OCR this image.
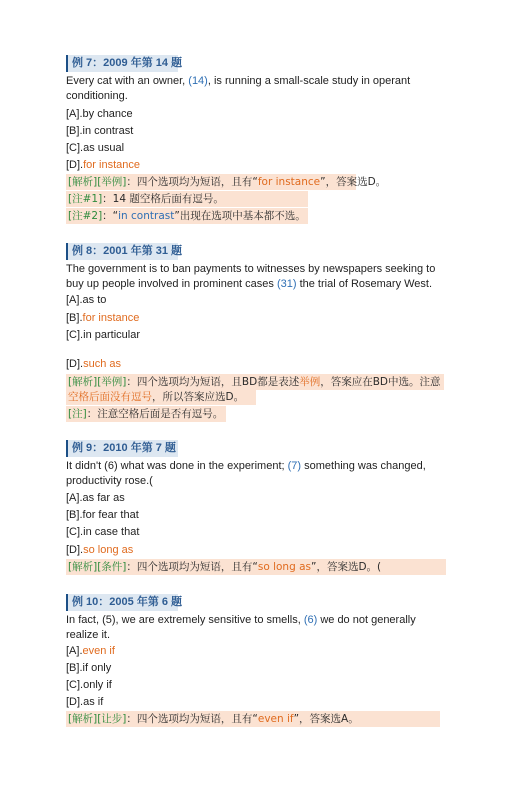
例 7：2009 年第 14 题
Every cat with an owner, (14), is running a small-scale study in operant conditioning.
[A].by chance
[B].in contrast
[C].as usual
[D].for instance
[解析][举例]：四个选项均为短语，且有“for instance”，答案选D。
[注#1]：14 题空格后面有逗号。
[注#2]：“in contrast”出现在选项中基本都不选。
例 8：2001 年第 31 题
The government is to ban payments to witnesses by newspapers seeking to buy up people involved in prominent cases (31) the trial of Rosemary West.
[A].as to
[B].for instance
[C].in particular
[D].such as
[解析][举例]：四个选项均为短语，且BD都是表述举例，答案应在BD中选。注意
空格后面没有逗号，所以答案应选D。
[注]：注意空格后面是否有逗号。
例 9：2010 年第 7 题
It didn't (6) what was done in the experiment; (7) something was changed, productivity rose.(
[A].as far as
[B].for fear that
[C].in case that
[D].so long as
[解析][条件]：四个选项均为短语，且有“so long as”，答案选D。(
例 10：2005 年第 6 题
In fact, (5), we are extremely sensitive to smells, (6) we do not generally realize it.
[A].even if
[B].if only
[C].only if
[D].as if
[解析][让步]：四个选项均为短语，且有“even if”，答案选A。
